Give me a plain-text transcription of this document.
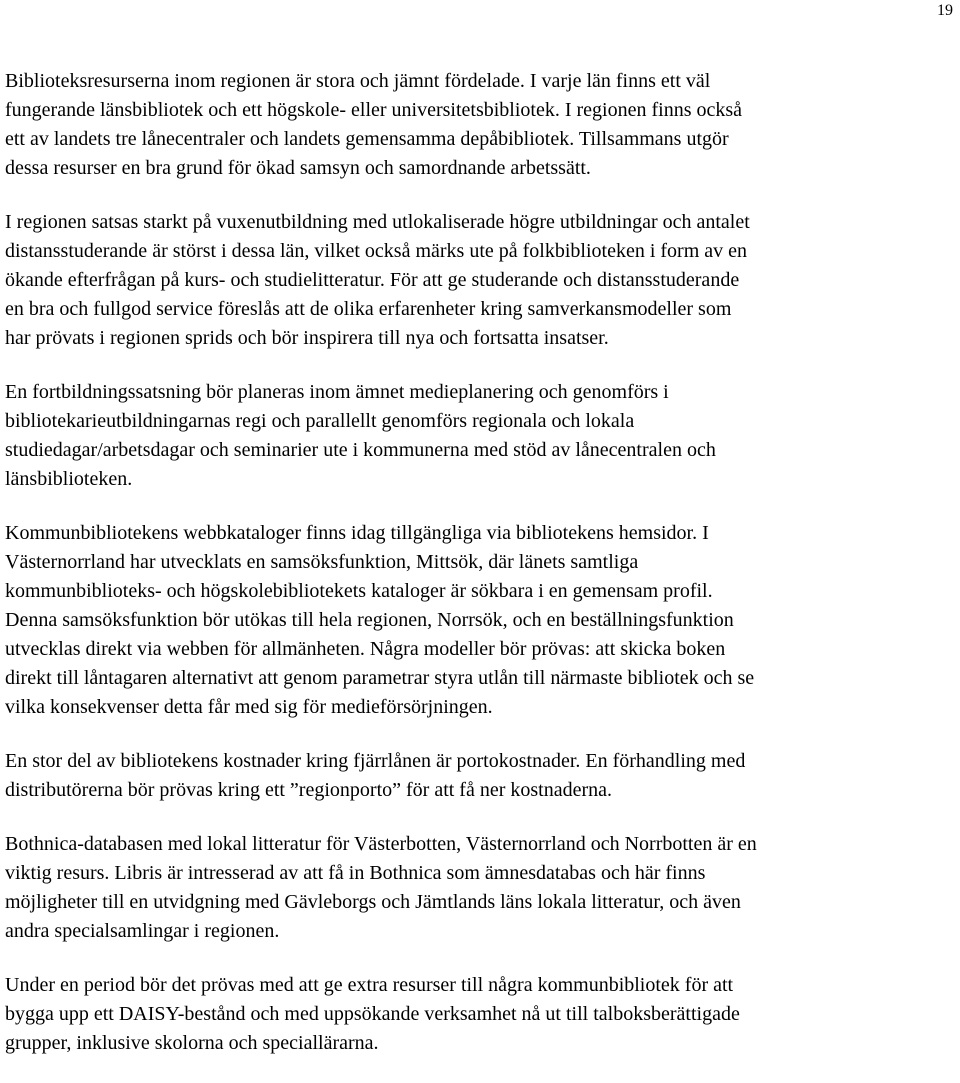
19

Biblioteksresurserna inom regionen är stora och jämnt fördelade. I varje län finns ett väl
fungerande länsbibliotek och ett högskole- eller universitetsbibliotek. I regionen finns också
ett av landets tre lånecentraler och landets gemensamma depåbibliotek. Tillsammans utgör
dessa resurser en bra grund för ökad samsyn och samordnande arbetssätt.

I regionen satsas starkt på vuxenutbildning med utlokaliserade högre utbildningar och antalet
distansstuderande är störst i dessa län, vilket också märks ute på folkbiblioteken i form av en
ökande efterfrågan på kurs- och studielitteratur. För att ge studerande och distansstuderande
en bra och fullgod service föreslås att de olika erfarenheter kring samverkansmodeller som
har prövats i regionen sprids och bör inspirera till nya och fortsatta insatser.

En fortbildningssatsning bör planeras inom ämnet medieplanering och genomförs i
bibliotekarieutbildningarnas regi och parallellt genomförs regionala och lokala
studiedagar/arbetsdagar och seminarier ute i kommunerna med stöd av lånecentralen och
länsbiblioteken.

Kommunbibliotekens webbkataloger finns idag tillgängliga via bibliotekens hemsidor. I
Västernorrland har utvecklats en samsöksfunktion, Mittsök, där länets samtliga
kommunbiblioteks- och högskolebibliotekets kataloger är sökbara i en gemensam profil.
Denna samsöksfunktion bör utökas till hela regionen, Norrsök, och en beställningsfunktion
utvecklas direkt via webben för allmänheten. Några modeller bör prövas: att skicka boken
direkt till låntagaren alternativt att genom parametrar styra utlån till närmaste bibliotek och se
vilka konsekvenser detta får med sig för medieförsörjningen.

En stor del av bibliotekens kostnader kring fjärrlånen är portokostnader. En förhandling med
distributörerna bör prövas kring ett ”regionporto” för att få ner kostnaderna.

Bothnica-databasen med lokal litteratur för Västerbotten, Västernorrland och Norrbotten är en
viktig resurs. Libris är intresserad av att få in Bothnica som ämnesdatabas och här finns
möjligheter till en utvidgning med Gävleborgs och Jämtlands läns lokala litteratur, och även
andra specialsamlingar i regionen.

Under en period bör det prövas med att ge extra resurser till några kommunbibliotek för att
bygga upp ett DAISY-bestånd och med uppsökande verksamhet nå ut till talboksberättigade
grupper, inklusive skolorna och speciallärarna.
